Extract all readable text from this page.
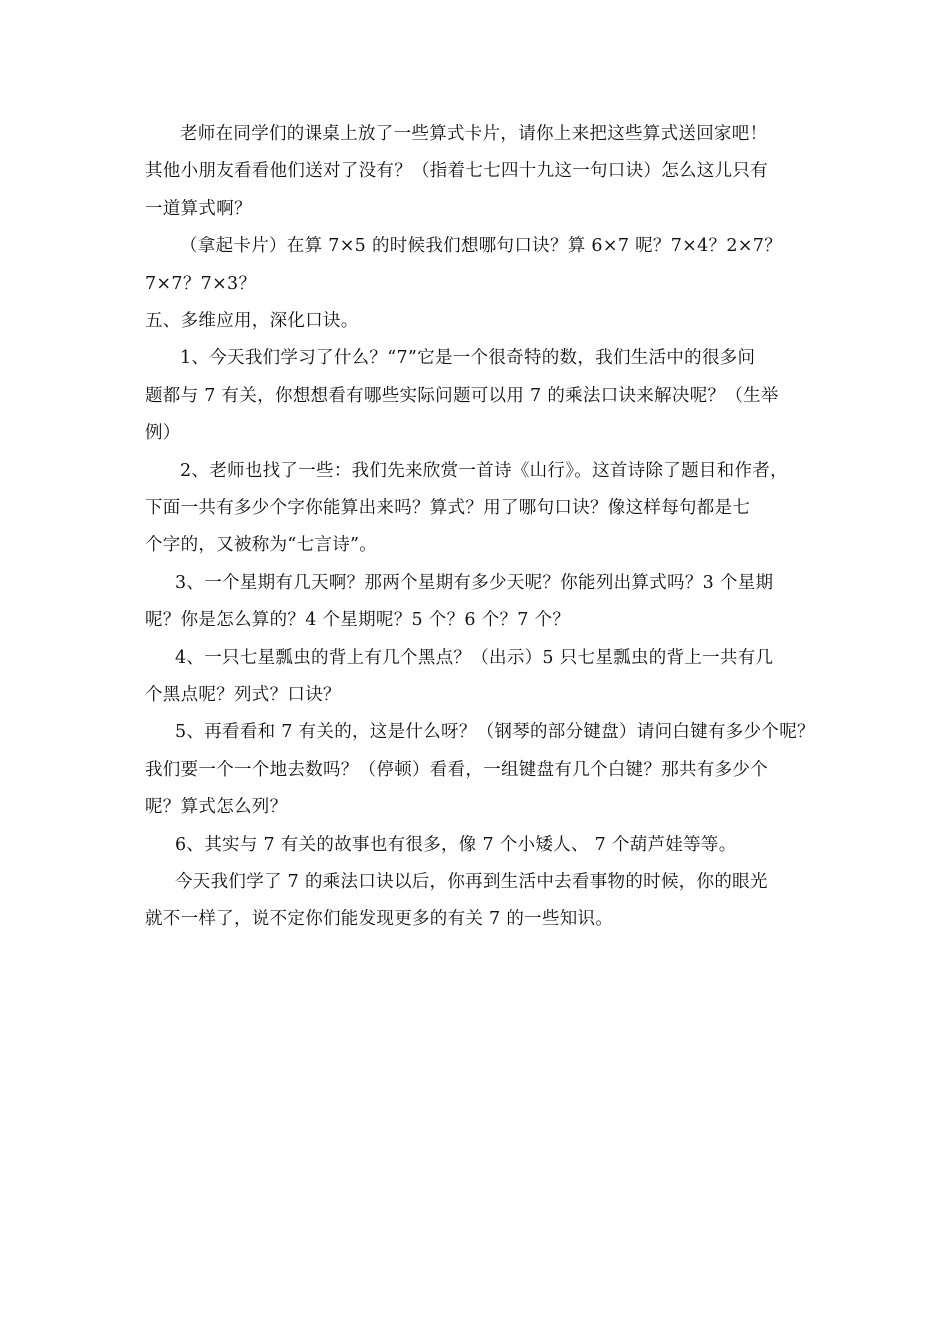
老师在同学们的课桌上放了一些算式卡片，请你上来把这些算式送回家吧！
其他小朋友看看他们送对了没有？（指着七七四十九这一句口诀）怎么这儿只有
一道算式啊？
（拿起卡片）在算 7×5 的时候我们想哪句口诀？算 6×7 呢？7×4？2×7？
7×7？7×3？
五、多维应用，深化口诀。
1、今天我们学习了什么？“7”它是一个很奇特的数，我们生活中的很多问
题都与 7 有关，你想想看有哪些实际问题可以用 7 的乘法口诀来解决呢？（生举
例）
2、老师也找了一些：我们先来欣赏一首诗《山行》。这首诗除了题目和作者，
下面一共有多少个字你能算出来吗？算式？用了哪句口诀？像这样每句都是七
个字的，又被称为“七言诗”。
3、一个星期有几天啊？那两个星期有多少天呢？你能列出算式吗？3 个星期
呢？你是怎么算的？4 个星期呢？5 个？6 个？7 个？
4、一只七星瓢虫的背上有几个黑点？（出示）5 只七星瓢虫的背上一共有几
个黑点呢？列式？口诀？
5、再看看和 7 有关的，这是什么呀？（钢琴的部分键盘）请问白键有多少个呢？
我们要一个一个地去数吗？（停顿）看看，一组键盘有几个白键？那共有多少个
呢？算式怎么列？
6、其实与 7 有关的故事也有很多，像 7 个小矮人、 7 个葫芦娃等等。
今天我们学了 7 的乘法口诀以后，你再到生活中去看事物的时候，你的眼光
就不一样了，说不定你们能发现更多的有关 7 的一些知识。
